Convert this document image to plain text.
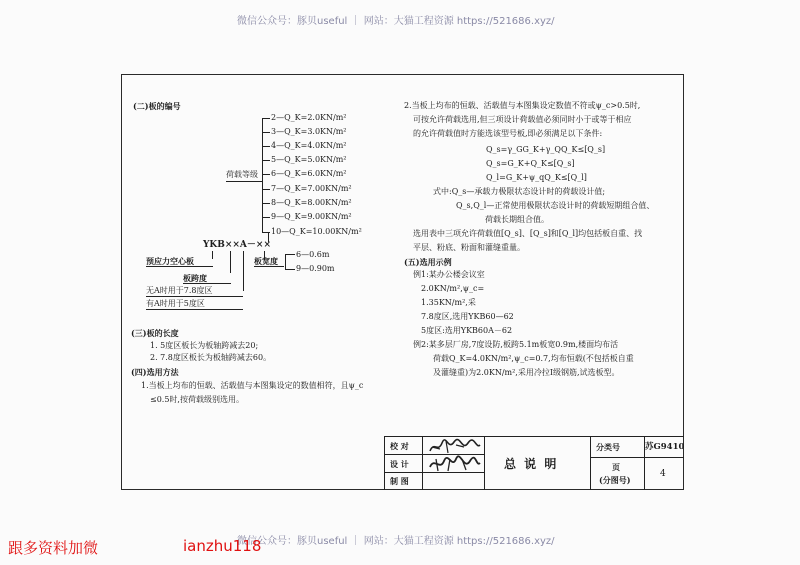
微信公众号：豚贝useful ｜ 网站：大猫工程资源 https://521686.xyz/
微信公众号：豚贝useful ｜ 网站：大猫工程资源 https://521686.xyz/
(二)板的编号
2—Q_K=2.0KN/m²
3—Q_K=3.0KN/m²
4—Q_K=4.0KN/m²
5—Q_K=5.0KN/m²
6—Q_K=6.0KN/m²
7—Q_K=7.00KN/m²
8—Q_K=8.00KN/m²
9—Q_K=9.00KN/m²
10—Q_K=10.00KN/m²
荷载等级
YKB××A－××
板宽度
6—0.6m
9—0.90m
预应力空心板
板跨度
无A时用于7.8度区
有A时用于5度区
(三)板的长度
1. 5度区板长为板轴跨减去20;
2. 7.8度区板长为板轴跨减去60。
(四)选用方法
1.当板上均布的恒载、活载值与本图集设定的数值相符，且ψ_c
≤0.5时,按荷载级别选用。
2.当板上均布的恒载、活载值与本图集设定数值不符或ψ_c>0.5时,
可按允许荷载选用,但三项设计荷载值必须同时小于或等于相应
的允许荷载值时方能选该型号板,即必须满足以下条件:
Q_s=γ_GG_K+γ_QQ_K≤[Q_s]
Q_s=G_K+Q_K≤[Q_s]
Q_l=G_K+ψ_qQ_K≤[Q_l]
式中:Q_s—承载力极限状态设计时的荷载设计值;
Q_s,Q_l—正常使用极限状态设计时的荷载短期组合值、
荷载长期组合值。
选用表中三项允许荷载值[Q_s]、[Q_s]和[Q_l]均包括板自重、找
平层、粉底、粉面和灌缝重量。
(五)选用示例
例1:某办公楼会议室
2.0KN/m²,ψ_c=
1.35KN/m²,采
7.8度区,选用YKB60—62
5度区:选用YKB60A－62
例2:某多层厂房,7度设防,板跨5.1m板宽0.9m,楼面均布活
荷载Q_K=4.0KN/m²,ψ_c=0.7,均布恒载(不包括板自重
及灌缝重)为2.0KN/m²,采用冷拉Ⅰ级钢筋,试选板型。
校 对
设 计
制 图
总 说 明
分类号	苏G9410
页
(分图号)
4
跟多资料加微	ianzhu118
